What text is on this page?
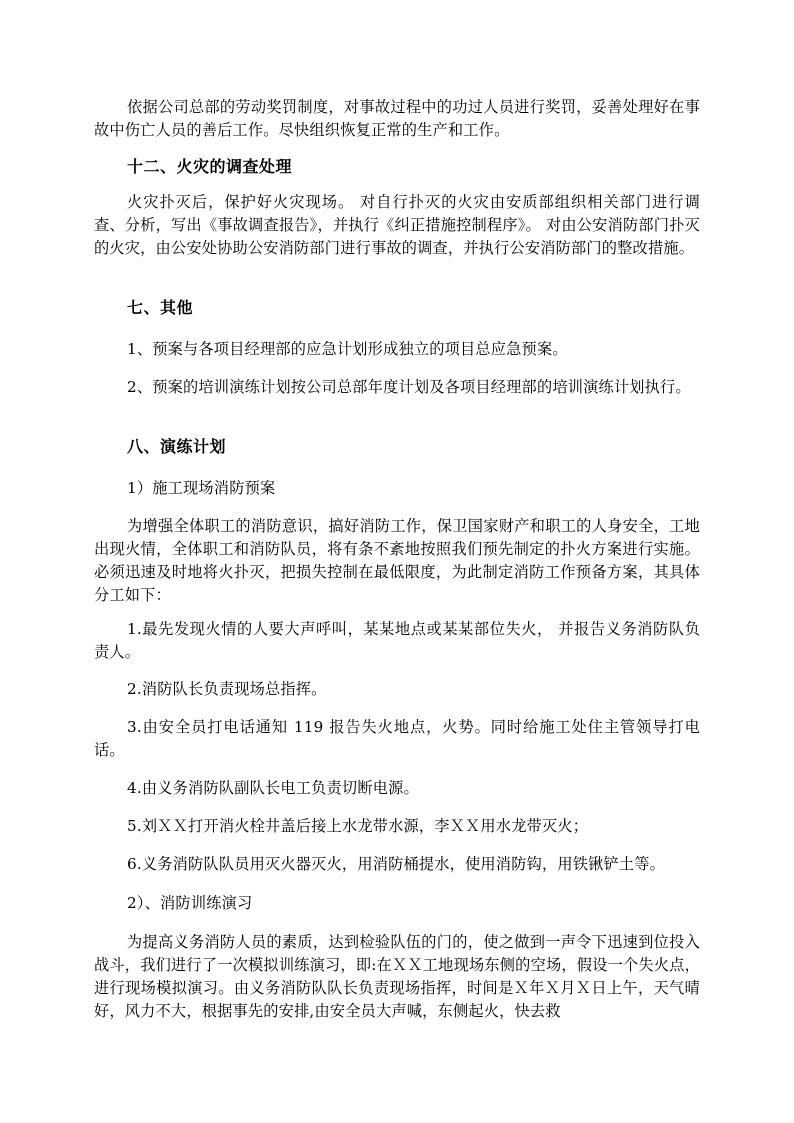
依据公司总部的劳动奖罚制度，对事故过程中的功过人员进行奖罚，妥善处理好在事故中伤亡人员的善后工作。尽快组织恢复正常的生产和工作。

十二、火灾的调查处理

火灾扑灭后，保护好火灾现场。 对自行扑灭的火灾由安质部组织相关部门进行调查、分析，写出《事故调查报告》，并执行《纠正措施控制程序》。 对由公安消防部门扑灭的火灾，由公安处协助公安消防部门进行事故的调查，并执行公安消防部门的整改措施。

七、其他

1、预案与各项目经理部的应急计划形成独立的项目总应急预案。

2、预案的培训演练计划按公司总部年度计划及各项目经理部的培训演练计划执行。

八、演练计划

1）施工现场消防预案

为增强全体职工的消防意识，搞好消防工作，保卫国家财产和职工的人身安全，工地出现火情，全体职工和消防队员，将有条不紊地按照我们预先制定的扑火方案进行实施。必须迅速及时地将火扑灭，把损失控制在最低限度，为此制定消防工作预备方案，其具体分工如下：

1.最先发现火情的人要大声呼叫，某某地点或某某部位失火， 并报告义务消防队负责人。

2.消防队长负责现场总指挥。

3.由安全员打电话通知 119 报告失火地点，火势。同时给施工处住主管领导打电话。

4.由义务消防队副队长电工负责切断电源。

5.刘ＸＸ打开消火栓井盖后接上水龙带水源，李ＸＸ用水龙带灭火；

6.义务消防队队员用灭火器灭火，用消防桶提水，使用消防钩，用铁锹铲土等。

2）、消防训练演习

为提高义务消防人员的素质，达到检验队伍的门的，使之做到一声令下迅速到位投入战斗，我们进行了一次模拟训练演习，即:在ＸＸ工地现场东侧的空场，假设一个失火点，进行现场模拟演习。由义务消防队队长负责现场指挥，时间是Ｘ年Ｘ月Ｘ日上午，天气晴好，风力不大，根据事先的安排,由安全员大声喊，东侧起火，快去救
